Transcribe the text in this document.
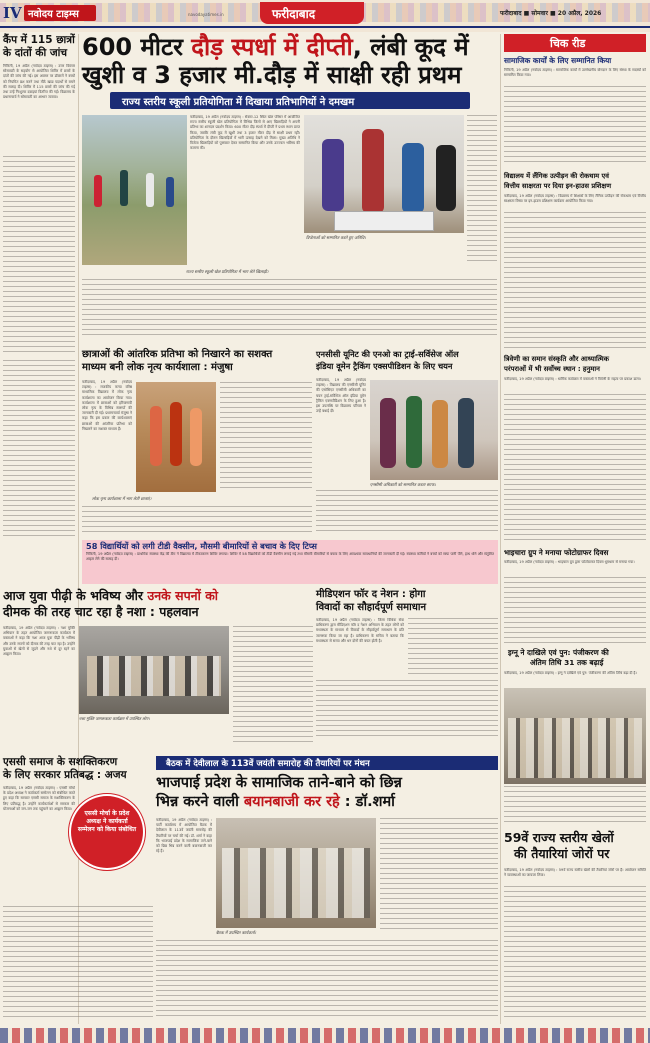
IV नवोदय टाइम्स	navodayatimes.in	फरीदाबाद	फरीदाबाद ■ सोमवार ■ 20 अप्रैल, 2026
कैंप में 115 छात्रों के दांतों की जांच
निकिनी, 19 अप्रैल (नवोदय टाइम्स) : उत्तर विस्तार सोसायटी के सहयोग से आयोजित शिविर में छात्रों के दांतों की जांच की गई। इस अवसर पर डॉक्टरों ने बच्चों को नियमित ब्रश करने तथा मीठे खाद्य पदार्थों से बचने की सलाह दी। शिविर में 115 छात्रों की जांच की गई तथा उन्हें निःशुल्क दवाइयां वितरित की गईं। विद्यालय के प्रधानाचार्य ने सोसायटी का आभार जताया।
600 मीटर दौड़ स्पर्धा में दीप्ती, लंबी कूद में
खुशी व 3 हजार मी.दौड़ में साक्षी रही प्रथम
राज्य स्तरीय स्कूली प्रतियोगिता में दिखाया प्रतिभागियों ने दमखम
विजेताओं को सम्मानित करते हुए अतिथि।
राज्य स्तरीय स्कूली खेल प्रतियोगिता में भाग लेते खिलाड़ी।
फरीदाबाद, 19 अप्रैल (नवोदय टाइम्स) : सेक्टर-12 स्थित खेल परिसर में आयोजित राज्य स्तरीय स्कूली खेल प्रतियोगिता में विभिन्न जिलों से आए खिलाड़ियों ने अपनी प्रतिभा का शानदार प्रदर्शन किया। 600 मीटर दौड़ स्पर्धा में दीप्ती ने प्रथम स्थान प्राप्त किया, जबकि लंबी कूद में खुशी तथा 3 हजार मीटर दौड़ में साक्षी प्रथम रहीं। प्रतियोगिता के दौरान खिलाड़ियों में भारी उत्साह देखने को मिला। मुख्य अतिथि ने विजेता खिलाड़ियों को पुरस्कार देकर सम्मानित किया और उनके उज्ज्वल भविष्य की कामना की।
छात्राओं की आंतरिक प्रतिभा को निखारने का सशक्त
माध्यम बनी लोक नृत्य कार्यशाला : मंजुषा
फरीदाबाद, 19 अप्रैल (नवोदय टाइम्स) : राजकीय कन्या वरिष्ठ माध्यमिक विद्यालय में लोक नृत्य कार्यशाला का आयोजन किया गया। कार्यशाला में छात्राओं को हरियाणवी लोक नृत्य के विभिन्न स्वरूपों की जानकारी दी गई। प्रधानाचार्या मंजुषा ने कहा कि इस प्रकार की कार्यशालाएं छात्राओं की आंतरिक प्रतिभा को निखारने का सशक्त माध्यम हैं।
लोक नृत्य कार्यशाला में भाग लेती छात्राएं।
एनसीसी यूनिट की एनओ का ट्राई-सर्विसेज ऑल
इंडिया वूमेन ट्रैकिंग एक्सपीडिशन के लिए चयन
फरीदाबाद, 19 अप्रैल (नवोदय टाइम्स) : विद्यालय की एनसीसी यूनिट की एसोसिएट एनसीसी अधिकारी का चयन ट्राई-सर्विसेज ऑल इंडिया वूमेन ट्रैकिंग एक्सपीडिशन के लिए हुआ है। इस उपलब्धि पर विद्यालय परिवार ने उन्हें बधाई दी।
एनसीसी अधिकारी को सम्मानित करता स्टाफ।
58 विद्यार्थियों को लगी टीडी वैक्सीन, मौसमी बीमारियों से बचाव के दिए टिप्स
निकिनी, 19 अप्रैल (नवोदय टाइम्स) : प्राथमिक स्वास्थ्य केंद्र की टीम ने विद्यालय में टीकाकरण शिविर लगाया। शिविर में 58 विद्यार्थियों को टीडी वैक्सीन लगाई गई तथा मौसमी बीमारियों से बचाव के लिए आवश्यक सावधानियों की जानकारी दी गई। स्वास्थ्य कर्मियों ने बच्चों को साफ पानी पीने, हाथ धोने और संतुलित आहार लेने की सलाह दी।
मीडिएशन फॉर द नेशन : होगा
विवादों का सौहार्दपूर्ण समाधान
फरीदाबाद, 19 अप्रैल (नवोदय टाइम्स) : जिला विधिक सेवा प्राधिकरण द्वारा मीडिएशन फॉर द नेशन अभियान के तहत लोगों को मध्यस्थता के माध्यम से विवादों के सौहार्दपूर्ण समाधान के प्रति जागरूक किया जा रहा है। प्राधिकरण के सचिव ने बताया कि मध्यस्थता से समय और धन दोनों की बचत होती है।
आज युवा पीढ़ी के भविष्य और उनके सपनों को
दीमक की तरह चाट रहा है नशा : पहलवान
फरीदाबाद, 19 अप्रैल (नवोदय टाइम्स) : नशा मुक्ति अभियान के तहत आयोजित जागरूकता कार्यक्रम में वक्ताओं ने कहा कि नशा आज युवा पीढ़ी के भविष्य और उनके सपनों को दीमक की तरह चाट रहा है। उन्होंने युवाओं से खेलों से जुड़ने और नशे से दूर रहने का आह्वान किया।
नशा मुक्ति जागरूकता कार्यक्रम में उपस्थित लोग।
एससी समाज के सशक्तिकरण
के लिए सरकार प्रतिबद्ध : अजय
फरीदाबाद, 19 अप्रैल (नवोदय टाइम्स) : एससी मोर्चा के प्रदेश अध्यक्ष ने कार्यकर्ता सम्मेलन को संबोधित करते हुए कहा कि सरकार एससी समाज के सशक्तिकरण के लिए प्रतिबद्ध है। उन्होंने कार्यकर्ताओं से सरकार की योजनाओं को जन-जन तक पहुंचाने का आह्वान किया।
एससी मोर्चा के प्रदेश अध्यक्ष ने कार्यकर्ता सम्मेलन को किया संबोधित
बैठक में देवीलाल के 113वें जयंती समारोह की तैयारियों पर मंथन
भाजपाई प्रदेश के सामाजिक ताने-बाने को छिन्न
भिन्न करने वाली बयानबाजी कर रहे : डॉ.शर्मा
फरीदाबाद, 19 अप्रैल (नवोदय टाइम्स) : पार्टी कार्यालय में आयोजित बैठक में देवीलाल के 113वें जयंती समारोह की तैयारियों पर चर्चा की गई। डॉ. शर्मा ने कहा कि भाजपाई प्रदेश के सामाजिक ताने-बाने को छिन्न भिन्न करने वाली बयानबाजी कर रहे हैं।
बैठक में उपस्थित कार्यकर्ता।
चिक रीड
सामाजिक कार्यों के लिए सम्मानित किया
निकिनी, 19 अप्रैल (नवोदय टाइम्स) : सामाजिक कार्यों में उल्लेखनीय योगदान के लिए संस्था के सदस्यों को सम्मानित किया गया।
विद्यालय में लैंगिक उत्पीड़न की रोकथाम एवं
वित्तीय साक्षरता पर दिया इन-हाउस प्रशिक्षण
फरीदाबाद, 19 अप्रैल (नवोदय टाइम्स) : विद्यालय में शिक्षकों के लिए लैंगिक उत्पीड़न की रोकथाम एवं वित्तीय साक्षरता विषय पर इन-हाउस प्रशिक्षण कार्यक्रम आयोजित किया गया।
त्रिवेणी का समान संस्कृति और आध्यात्मिक
परंपराओं में भी सर्वोच्च स्थान : हनुमान
फरीदाबाद, 19 अप्रैल (नवोदय टाइम्स) : धार्मिक कार्यक्रम में वक्ताओं ने त्रिवेणी के महत्व पर प्रकाश डाला।
भाइचारा ग्रुप ने मनाया फोटोग्राफर दिवस
फरीदाबाद, 19 अप्रैल (नवोदय टाइम्स) : भाइचारा ग्रुप द्वारा फोटोग्राफर दिवस धूमधाम से मनाया गया।
इग्नू ने दाखिले एवं पुन: पंजीकरण की
अंतिम तिथि 31 तक बढ़ाई
फरीदाबाद, 19 अप्रैल (नवोदय टाइम्स) : इग्नू ने दाखिले एवं पुन: पंजीकरण की अंतिम तिथि बढ़ा दी है।
59वें राज्य स्तरीय खेलों
की तैयारियां जोरों पर
फरीदाबाद, 19 अप्रैल (नवोदय टाइम्स) : 59वें राज्य स्तरीय खेलों की तैयारियां जोरों पर हैं। आयोजन समिति ने व्यवस्थाओं का जायजा लिया।
